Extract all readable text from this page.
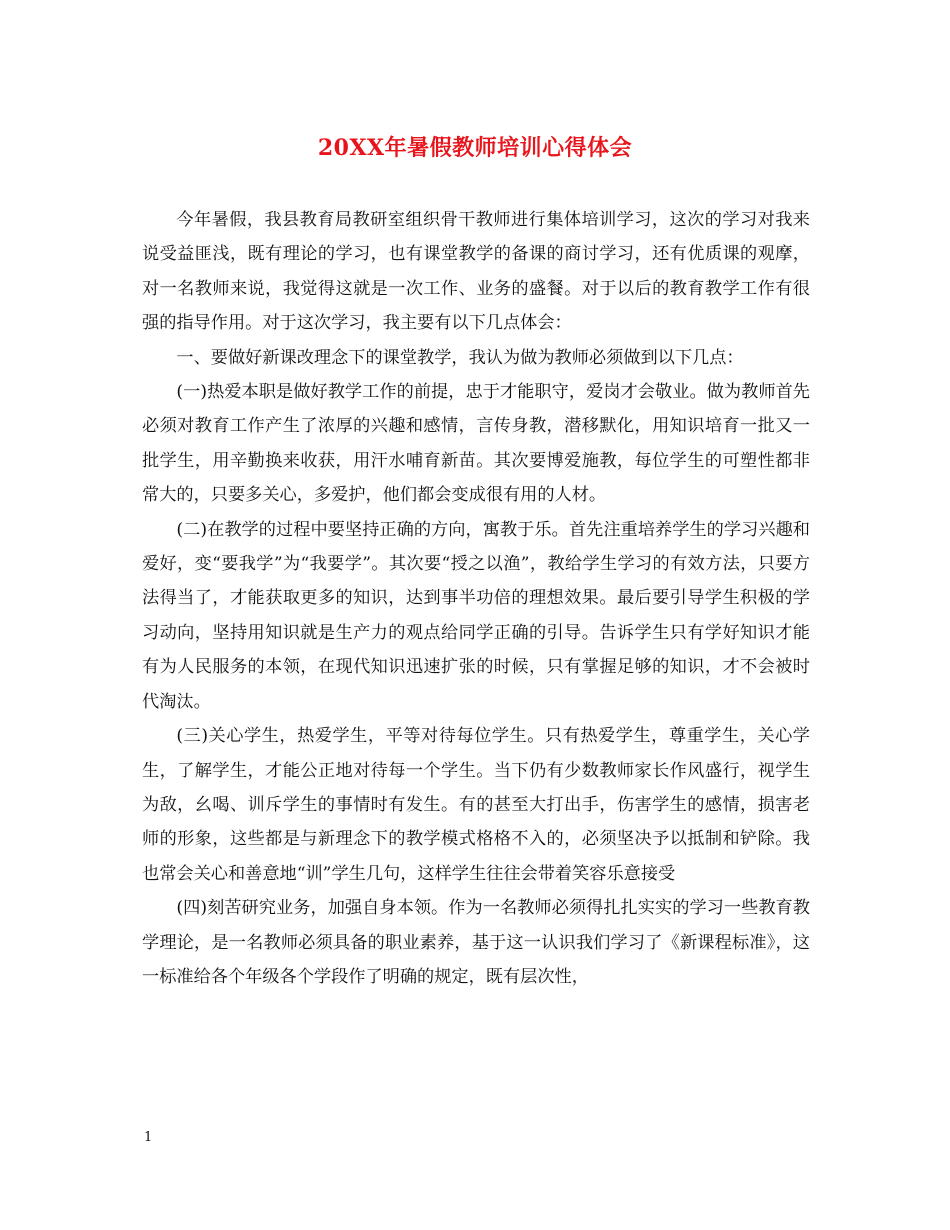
20XX年暑假教师培训心得体会

今年暑假，我县教育局教研室组织骨干教师进行集体培训学习，这次的学习对我来说受益匪浅，既有理论的学习，也有课堂教学的备课的商讨学习，还有优质课的观摩，对一名教师来说，我觉得这就是一次工作、业务的盛餐。对于以后的教育教学工作有很强的指导作用。对于这次学习，我主要有以下几点体会：

一、要做好新课改理念下的课堂教学，我认为做为教师必须做到以下几点：

(一)热爱本职是做好教学工作的前提，忠于才能职守，爱岗才会敬业。做为教师首先必须对教育工作产生了浓厚的兴趣和感情，言传身教，潜移默化，用知识培育一批又一批学生，用辛勤换来收获，用汗水哺育新苗。其次要博爱施教，每位学生的可塑性都非常大的，只要多关心，多爱护，他们都会变成很有用的人材。

(二)在教学的过程中要坚持正确的方向，寓教于乐。首先注重培养学生的学习兴趣和爱好，变“要我学”为“我要学”。其次要“授之以渔”，教给学生学习的有效方法，只要方法得当了，才能获取更多的知识，达到事半功倍的理想效果。最后要引导学生积极的学习动向，坚持用知识就是生产力的观点给同学正确的引导。告诉学生只有学好知识才能有为人民服务的本领，在现代知识迅速扩张的时候，只有掌握足够的知识，才不会被时代淘汰。

(三)关心学生，热爱学生，平等对待每位学生。只有热爱学生，尊重学生，关心学生，了解学生，才能公正地对待每一个学生。当下仍有少数教师家长作风盛行，视学生为敌，幺喝、训斥学生的事情时有发生。有的甚至大打出手，伤害学生的感情，损害老师的形象，这些都是与新理念下的教学模式格格不入的，必须坚决予以抵制和铲除。我也常会关心和善意地“训”学生几句，这样学生往往会带着笑容乐意接受

(四)刻苦研究业务，加强自身本领。作为一名教师必须得扎扎实实的学习一些教育教学理论，是一名教师必须具备的职业素养，基于这一认识我们学习了《新课程标准》，这一标准给各个年级各个学段作了明确的规定，既有层次性，

1
